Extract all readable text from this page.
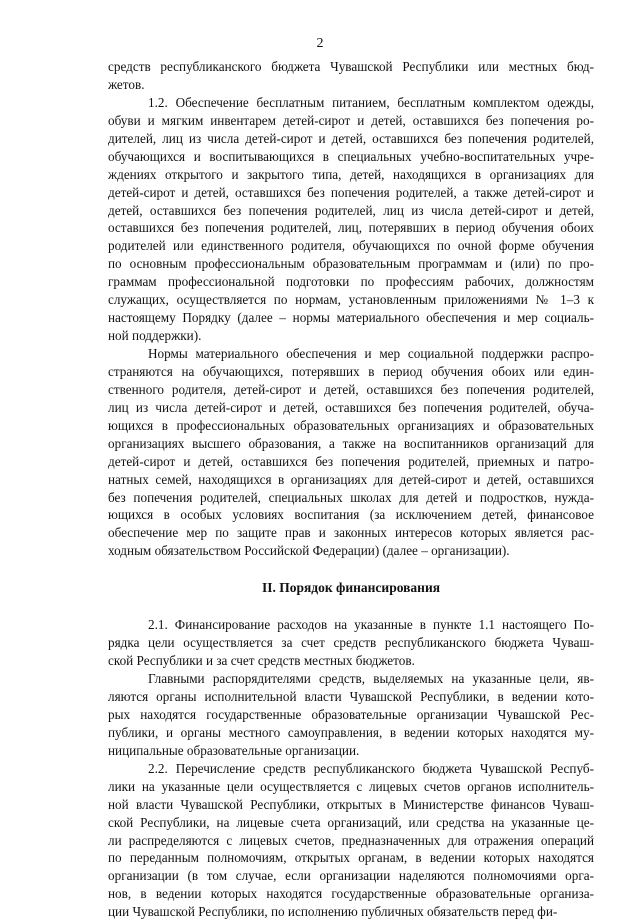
2
средств республиканского бюджета Чувашской Республики или местных бюд-
жетов.
1.2. Обеспечение бесплатным питанием, бесплатным комплектом одежды,
обуви и мягким инвентарем детей-сирот и детей, оставшихся без попечения ро-
дителей, лиц из числа детей-сирот и детей, оставшихся без попечения родителей,
обучающихся и воспитывающихся в специальных учебно-воспитательных учре-
ждениях открытого и закрытого типа, детей, находящихся в организациях для
детей-сирот и детей, оставшихся без попечения родителей, а также детей-сирот и
детей, оставшихся без попечения родителей, лиц из числа детей-сирот и детей,
оставшихся без попечения родителей, лиц, потерявших в период обучения обоих
родителей или единственного родителя, обучающихся по очной форме обучения
по основным профессиональным образовательным программам и (или) по про-
граммам профессиональной подготовки по профессиям рабочих, должностям
служащих, осуществляется по нормам, установленным приложениями № 1–3 к
настоящему Порядку (далее – нормы материального обеспечения и мер социаль-
ной поддержки).
Нормы материального обеспечения и мер социальной поддержки распро-
страняются на обучающихся, потерявших в период обучения обоих или един-
ственного родителя, детей-сирот и детей, оставшихся без попечения родителей,
лиц из числа детей-сирот и детей, оставшихся без попечения родителей, обуча-
ющихся в профессиональных образовательных организациях и образовательных
организациях высшего образования, а также на воспитанников организаций для
детей-сирот и детей, оставшихся без попечения родителей, приемных и патро-
натных семей, находящихся в организациях для детей-сирот и детей, оставшихся
без попечения родителей, специальных школах для детей и подростков, нужда-
ющихся в особых условиях воспитания (за исключением детей, финансовое
обеспечение мер по защите прав и законных интересов которых является рас-
ходным обязательством Российской Федерации) (далее – организации).
II. Порядок финансирования
2.1. Финансирование расходов на указанные в пункте 1.1 настоящего По-
рядка цели осуществляется за счет средств республиканского бюджета Чуваш-
ской Республики и за счет средств местных бюджетов.
Главными распорядителями средств, выделяемых на указанные цели, яв-
ляются органы исполнительной власти Чувашской Республики, в ведении кото-
рых находятся государственные образовательные организации Чувашской Рес-
публики, и органы местного самоуправления, в ведении которых находятся му-
ниципальные образовательные организации.
2.2. Перечисление средств республиканского бюджета Чувашской Респуб-
лики на указанные цели осуществляется с лицевых счетов органов исполнитель-
ной власти Чувашской Республики, открытых в Министерстве финансов Чуваш-
ской Республики, на лицевые счета организаций, или средства на указанные це-
ли распределяются с лицевых счетов, предназначенных для отражения операций
по переданным полномочиям, открытых органам, в ведении которых находятся
организации (в том случае, если организации наделяются полномочиями орга-
нов, в ведении которых находятся государственные образовательные организа-
ции Чувашской Республики, по исполнению публичных обязательств перед фи-
